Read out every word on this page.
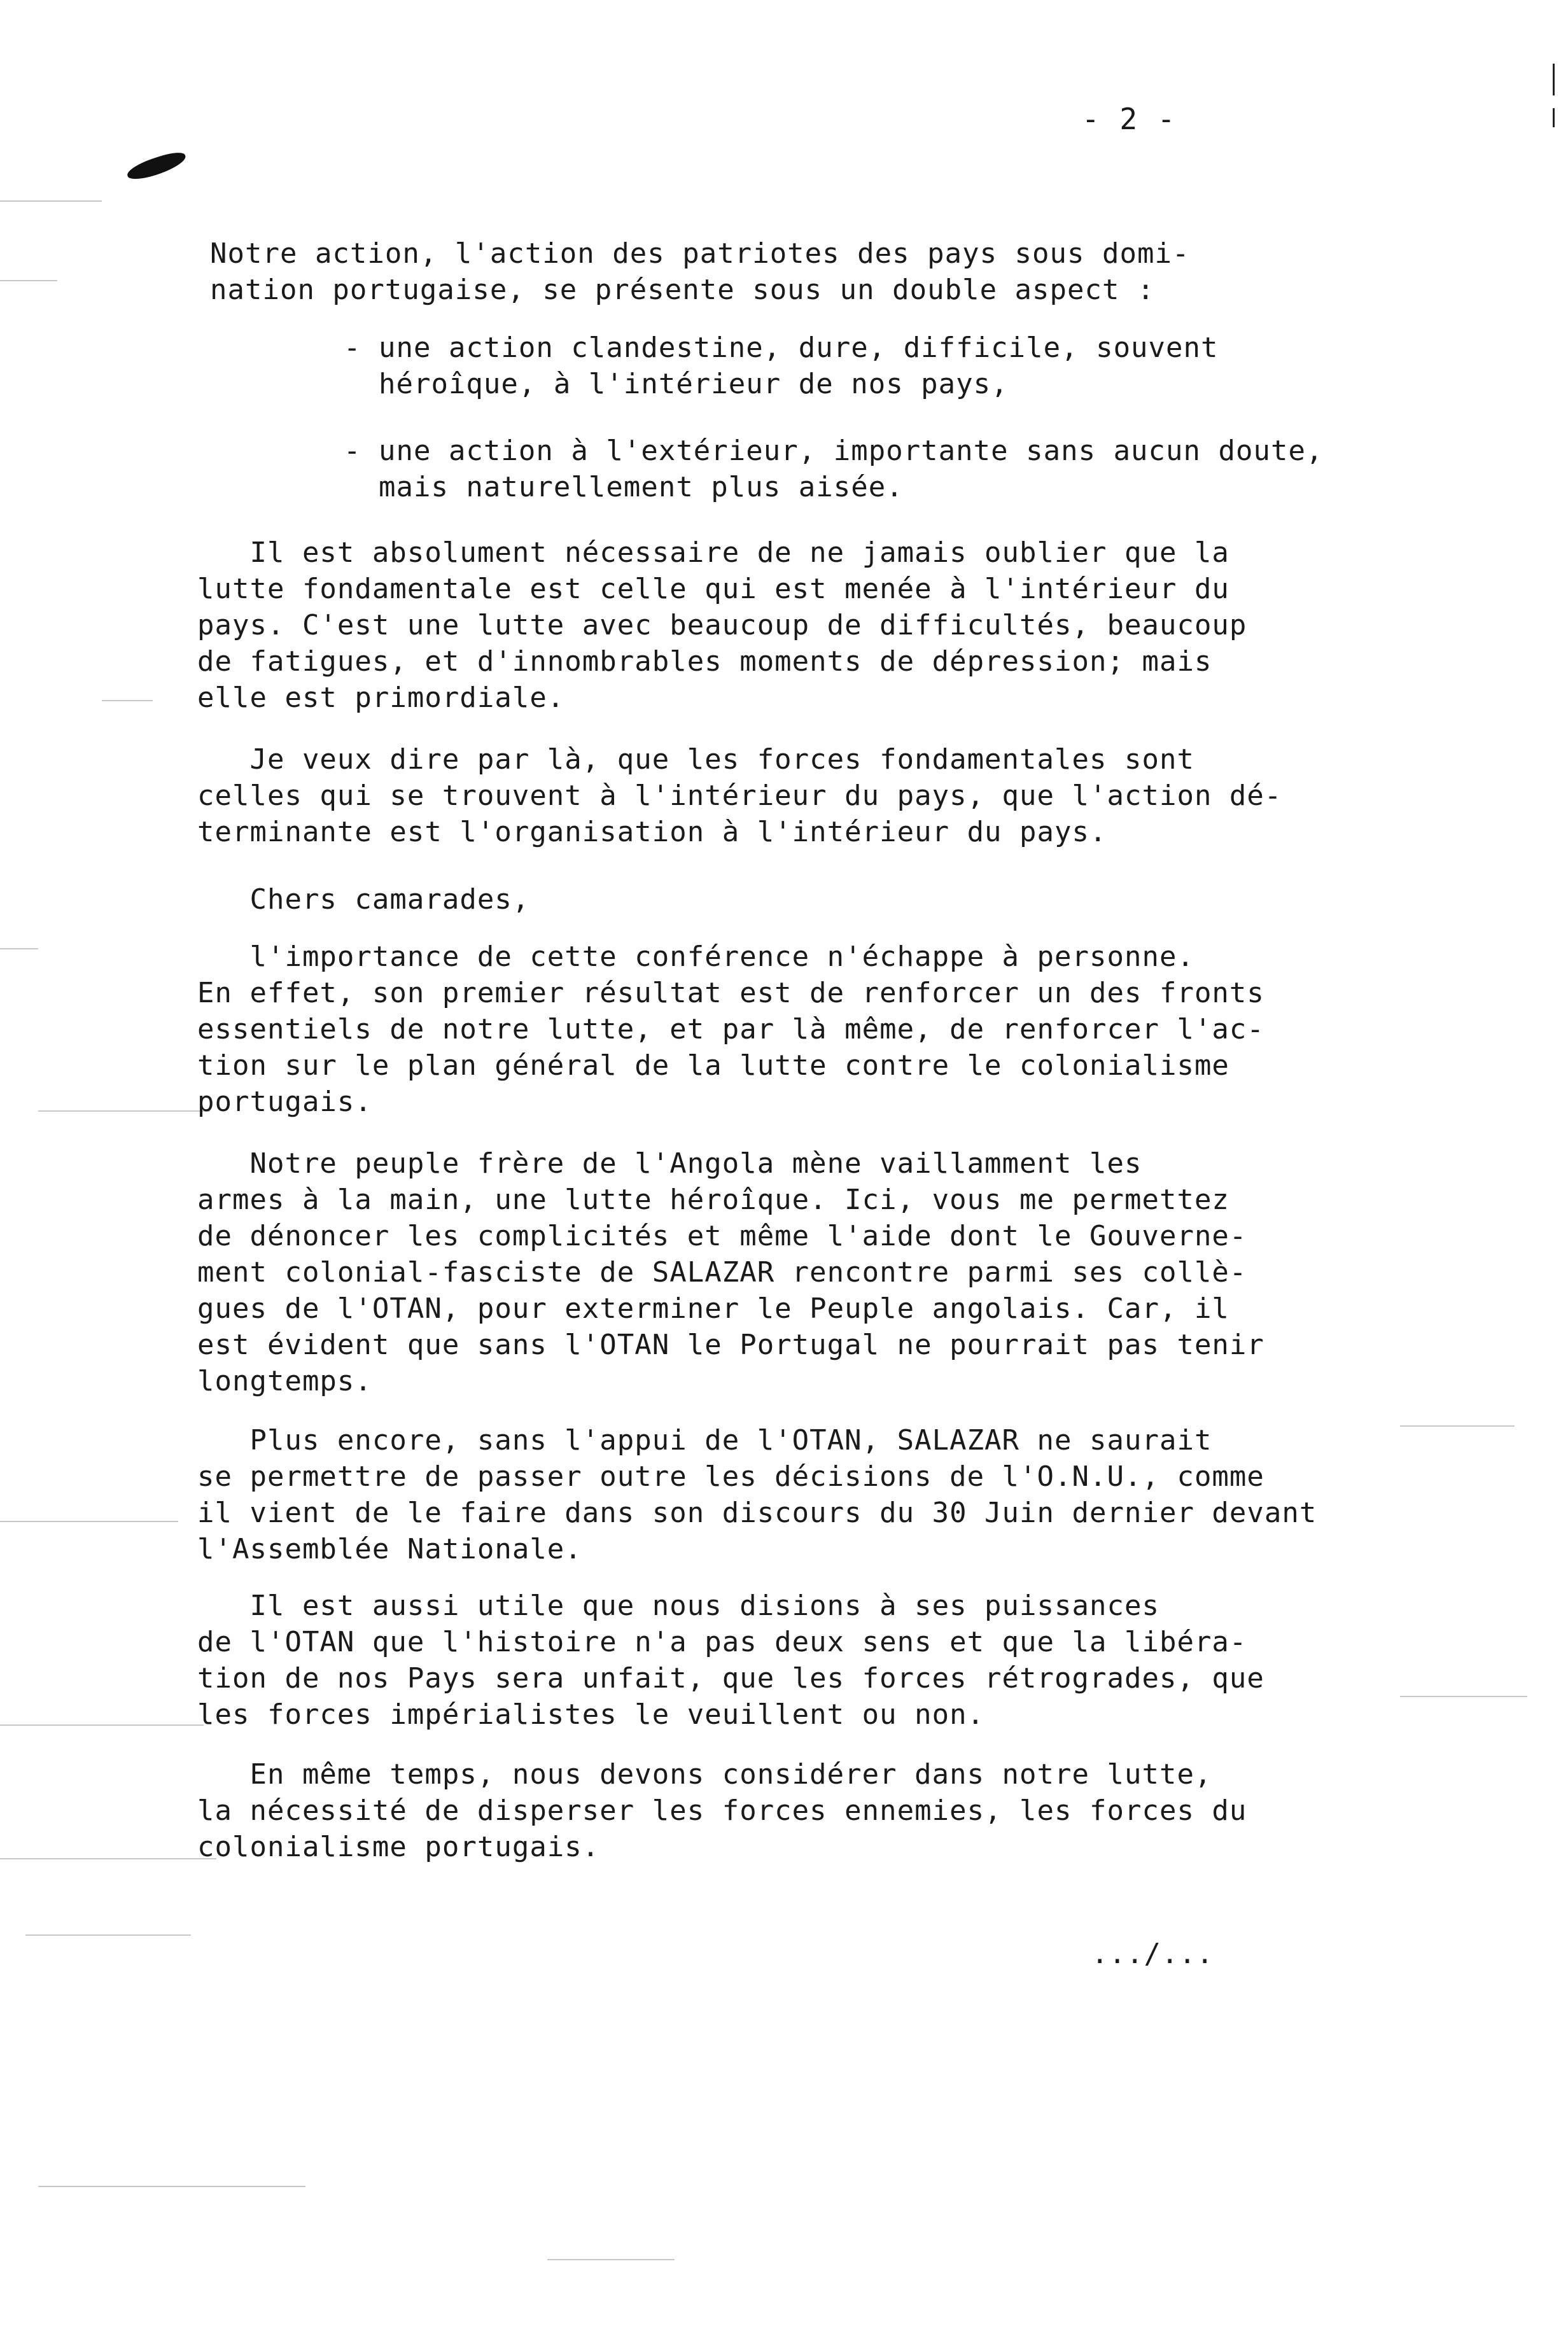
- 2 -

Notre action, l'action des patriotes des pays sous domi-
nation portugaise, se présente sous un double aspect :

- une action clandestine, dure, difficile, souvent
héroîque, à l'intérieur de nos pays,

- une action à l'extérieur, importante sans aucun doute,
mais naturellement plus aisée.

Il est absolument nécessaire de ne jamais oublier que la
lutte fondamentale est celle qui est menée à l'intérieur du
pays. C'est une lutte avec beaucoup de difficultés, beaucoup
de fatigues, et d'innombrables moments de dépression; mais
elle est primordiale.

Je veux dire par là, que les forces fondamentales sont
celles qui se trouvent à l'intérieur du pays, que l'action dé-
terminante est l'organisation à l'intérieur du pays.

Chers camarades,

l'importance de cette conférence n'échappe à personne.
En effet, son premier résultat est de renforcer un des fronts
essentiels de notre lutte, et par là même, de renforcer l'ac-
tion sur le plan général de la lutte contre le colonialisme
portugais.

Notre peuple frère de l'Angola mène vaillamment les
armes à la main, une lutte héroîque. Ici, vous me permettez
de dénoncer les complicités et même l'aide dont le Gouverne-
ment colonial-fasciste de SALAZAR rencontre parmi ses collè-
gues de l'OTAN, pour exterminer le Peuple angolais. Car, il
est évident que sans l'OTAN le Portugal ne pourrait pas tenir
longtemps.

Plus encore, sans l'appui de l'OTAN, SALAZAR ne saurait
se permettre de passer outre les décisions de l'O.N.U., comme
il vient de le faire dans son discours du 30 Juin dernier devant
l'Assemblée Nationale.

Il est aussi utile que nous disions à ses puissances
de l'OTAN que l'histoire n'a pas deux sens et que la libéra-
tion de nos Pays sera unfait, que les forces rétrogrades, que
les forces impérialistes le veuillent ou non.

En même temps, nous devons considérer dans notre lutte,
la nécessité de disperser les forces ennemies, les forces du
colonialisme portugais.

.../...
